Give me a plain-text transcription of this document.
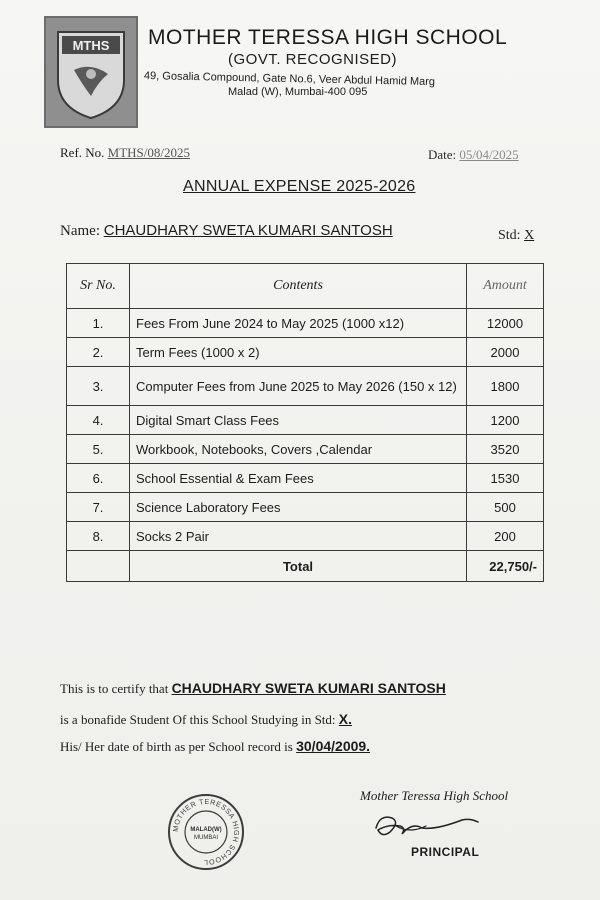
MTHS MOTHER TERESSA HIGH SCHOOL
(GOVT. RECOGNISED)
49, Gosalia Compound, Gate No.6, Veer Abdul Hamid Marg
Malad (W), Mumbai-400 095
Ref. No. MTHS/08/2025	Date: 05/04/2025
ANNUAL EXPENSE 2025-2026
Name: CHAUDHARY SWETA KUMARI SANTOSH	Std: X
Sr No.	Contents	Amount
1.	Fees From June 2024 to May 2025 (1000 x12)	12000
2.	Term Fees (1000 x 2)	2000
3.	Computer Fees from June 2025 to May 2026 (150 x 12)	1800
4.	Digital Smart Class Fees	1200
5.	Workbook, Notebooks, Covers ,Calendar	3520
6.	School Essential & Exam Fees	1530
7.	Science Laboratory Fees	500
8.	Socks 2 Pair	200
	Total	22,750/-
This is to certify that CHAUDHARY SWETA KUMARI SANTOSH
is a bonafide Student Of this School Studying in Std: X.
His/ Her date of birth as per School record is 30/04/2009.
MOTHER TERESSA HIGH SCHOOL
MALAD(W)
MUMBAI
Mother Teressa High School
PRINCIPAL
